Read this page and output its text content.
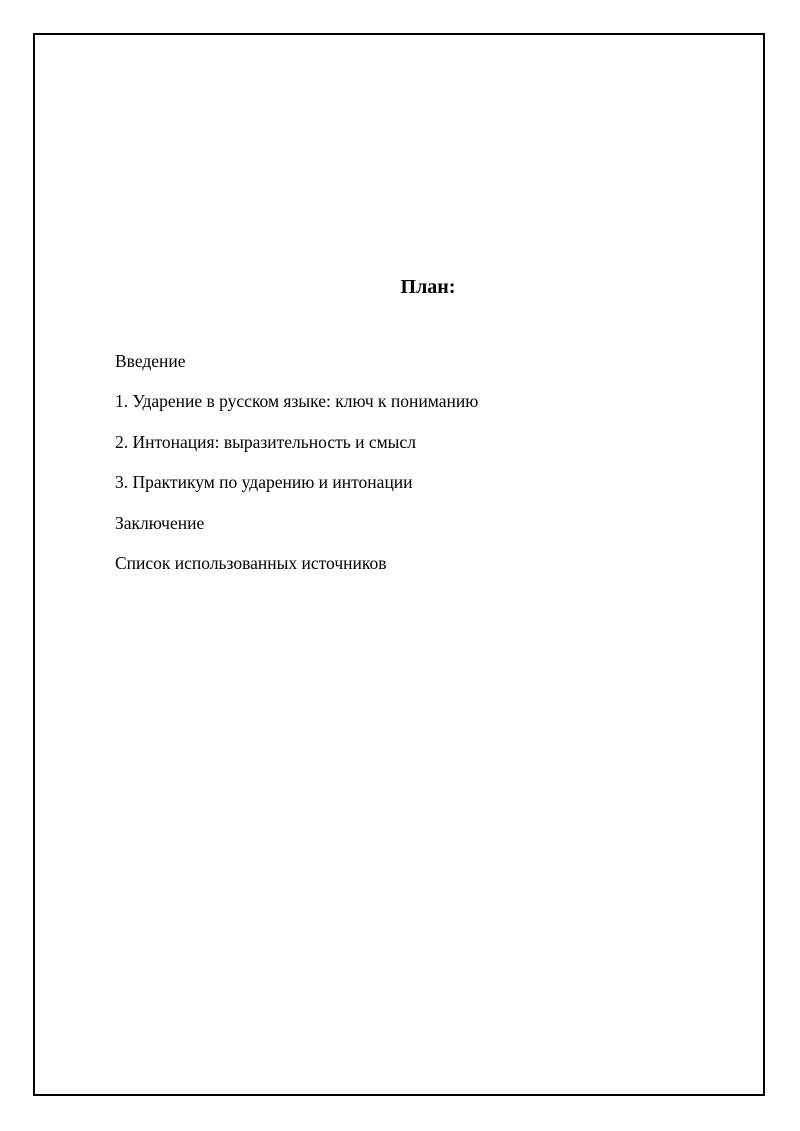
План:
Введение
1. Ударение в русском языке: ключ к пониманию
2. Интонация: выразительность и смысл
3. Практикум по ударению и интонации
Заключение
Список использованных источников
